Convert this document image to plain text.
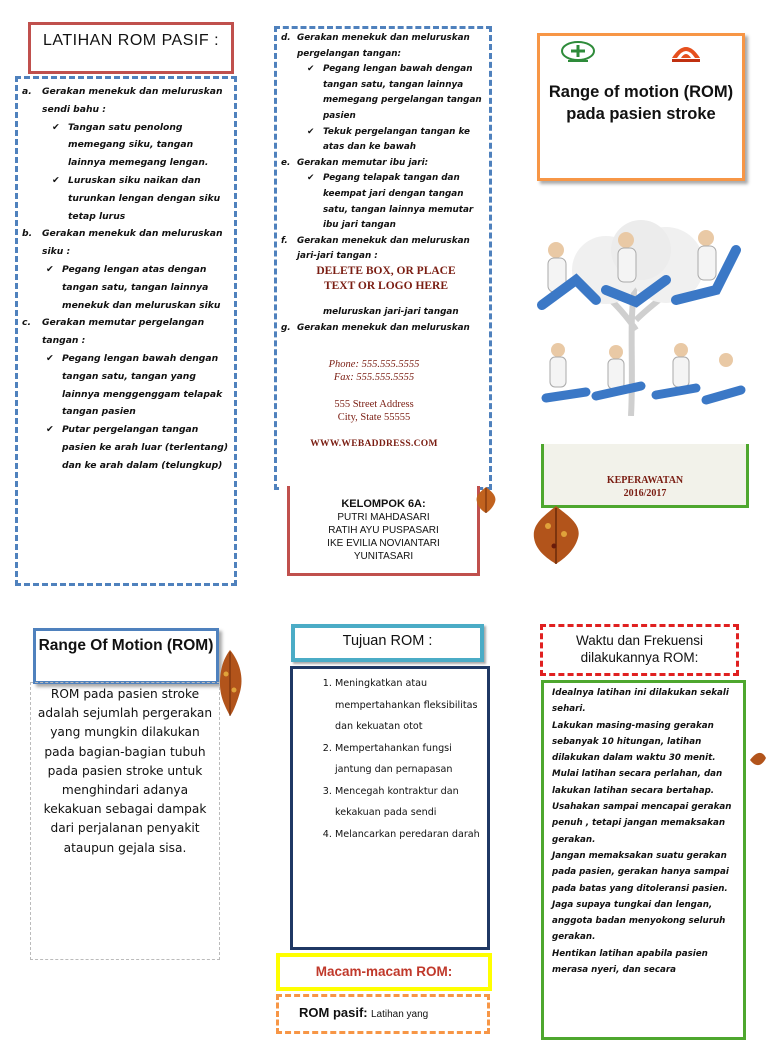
LATIHAN ROM PASIF :
a. Gerakan menekuk dan meluruskan sendi bahu :
✔ Tangan satu penolong memegang siku, tangan lainnya memegang lengan.
✔ Luruskan siku naikan dan turunkan lengan dengan siku tetap lurus
b. Gerakan menekuk dan meluruskan siku :
✔ Pegang lengan atas dengan tangan satu, tangan lainnya menekuk dan meluruskan siku
c. Gerakan memutar pergelangan tangan :
✔ Pegang lengan bawah dengan tangan satu, tangan yang lainnya menggenggam telapak tangan pasien
✔ Putar pergelangan tangan pasien ke arah luar (terlentang) dan ke arah dalam (telungkup)
d. Gerakan menekuk dan meluruskan pergelangan tangan:
✔ Pegang lengan bawah dengan tangan satu, tangan lainnya memegang pergelangan tangan pasien
✔ Tekuk pergelangan tangan ke atas dan ke bawah
e. Gerakan memutar ibu jari:
✔ Pegang telapak tangan dan keempat jari dengan tangan satu, tangan lainnya memutar ibu jari tangan
f. Gerakan menekuk dan meluruskan jari-jari tangan :
meluruskan jari-jari tangan
g. Gerakan menekuk dan meluruskan
DELETE BOX, OR PLACE TEXT OR LOGO HERE
Phone: 555.555.5555
Fax: 555.555.5555
555 Street Address
City, State 55555
WWW.WEBADDRESS.COM
KELOMPOK 6A:
PUTRI MAHDASARI
RATIH AYU PUSPASARI
IKE EVILIA NOVIANTARI
YUNITASARI
Range of motion (ROM) pada pasien stroke
KEPERAWATAN
2016/2017
Range Of Motion (ROM)
ROM pada pasien stroke adalah sejumlah pergerakan yang mungkin dilakukan pada bagian-bagian tubuh pada pasien stroke untuk menghindari adanya kekakuan sebagai dampak dari perjalanan penyakit ataupun gejala sisa.
Tujuan ROM :
1. Meningkatkan atau mempertahankan fleksibilitas dan kekuatan otot
2. Mempertahankan fungsi jantung dan pernapasan
3. Mencegah kontraktur dan kekakuan pada sendi
4. Melancarkan peredaran darah
Macam-macam ROM:
ROM pasif: Latihan yang
Waktu dan Frekuensi dilakukannya ROM:
Idealnya latihan ini dilakukan sekali sehari.
Lakukan masing-masing gerakan sebanyak 10 hitungan, latihan dilakukan dalam waktu 30 menit.
Mulai latihan secara perlahan, dan lakukan latihan secara bertahap.
Usahakan sampai mencapai gerakan penuh , tetapi jangan memaksakan gerakan.
Jangan memaksakan suatu gerakan pada pasien, gerakan hanya sampai pada batas yang ditoleransi pasien.
Jaga supaya tungkai dan lengan, anggota badan menyokong seluruh gerakan.
Hentikan latihan apabila pasien merasa nyeri, dan secara
